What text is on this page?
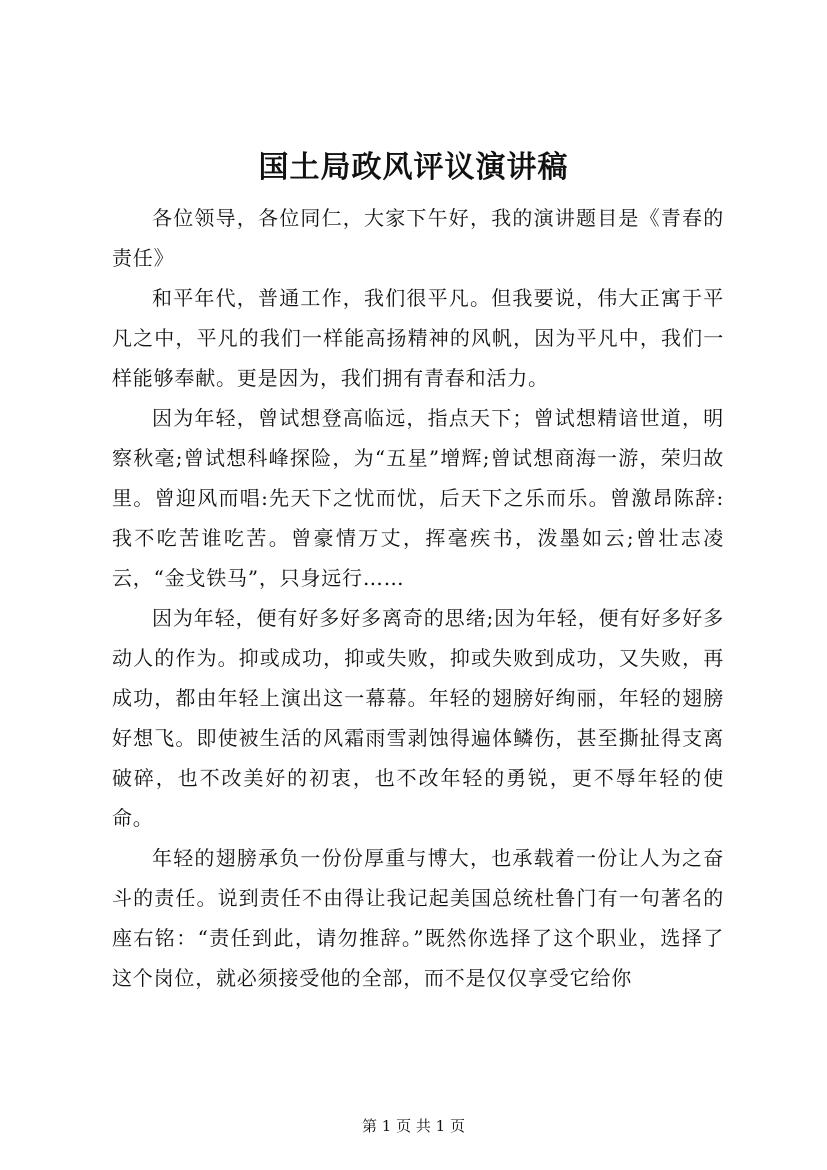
国土局政风评议演讲稿

各位领导，各位同仁，大家下午好，我的演讲题目是《青春的责任》

和平年代，普通工作，我们很平凡。但我要说，伟大正寓于平凡之中，平凡的我们一样能高扬精神的风帆，因为平凡中，我们一样能够奉献。更是因为，我们拥有青春和活力。

因为年轻，曾试想登高临远，指点天下；曾试想精谙世道，明察秋毫;曾试想科峰探险，为“五星”增辉;曾试想商海一游，荣归故里。曾迎风而唱:先天下之忧而忧，后天下之乐而乐。曾激昂陈辞:我不吃苦谁吃苦。曾豪情万丈，挥毫疾书，泼墨如云;曾壮志凌云，“金戈铁马”，只身远行……

因为年轻，便有好多好多离奇的思绪;因为年轻，便有好多好多动人的作为。抑或成功，抑或失败，抑或失败到成功，又失败，再成功，都由年轻上演出这一幕幕。年轻的翅膀好绚丽，年轻的翅膀好想飞。即使被生活的风霜雨雪剥蚀得遍体鳞伤，甚至撕扯得支离破碎，也不改美好的初衷，也不改年轻的勇锐，更不辱年轻的使命。

年轻的翅膀承负一份份厚重与博大，也承载着一份让人为之奋斗的责任。说到责任不由得让我记起美国总统杜鲁门有一句著名的座右铭：“责任到此，请勿推辞。”既然你选择了这个职业，选择了这个岗位，就必须接受他的全部，而不是仅仅享受它给你

第 1 页 共 1 页
